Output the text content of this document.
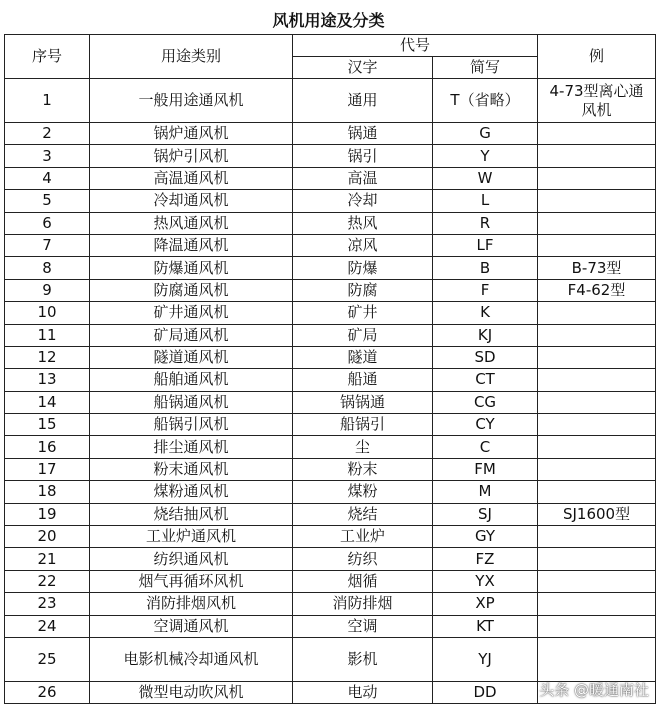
风机用途及分类
序号	用途类别	代号		例
		汉字	简写	
1	一般用途通风机	通用	T（省略）	4-73型离心通风机
2	锅炉通风机	锅通	G	
3	锅炉引风机	锅引	Y	
4	高温通风机	高温	W	
5	冷却通风机	冷却	L	
6	热风通风机	热风	R	
7	降温通风机	凉风	LF	
8	防爆通风机	防爆	B	B-73型
9	防腐通风机	防腐	F	F4-62型
10	矿井通风机	矿井	K	
11	矿局通风机	矿局	KJ	
12	隧道通风机	隧道	SD	
13	船舶通风机	船通	CT	
14	船锅通风机	锅锅通	CG	
15	船锅引风机	船锅引	CY	
16	排尘通风机	尘	C	
17	粉末通风机	粉末	FM	
18	煤粉通风机	煤粉	M	
19	烧结抽风机	烧结	SJ	SJ1600型
20	工业炉通风机	工业炉	GY	
21	纺织通风机	纺织	FZ	
22	烟气再循环风机	烟循	YX	
23	消防排烟风机	消防排烟	XP	
24	空调通风机	空调	KT	
25	电影机械冷却通风机	影机	YJ	
26	微型电动吹风机	电动	DD		头条 @暖通南社
